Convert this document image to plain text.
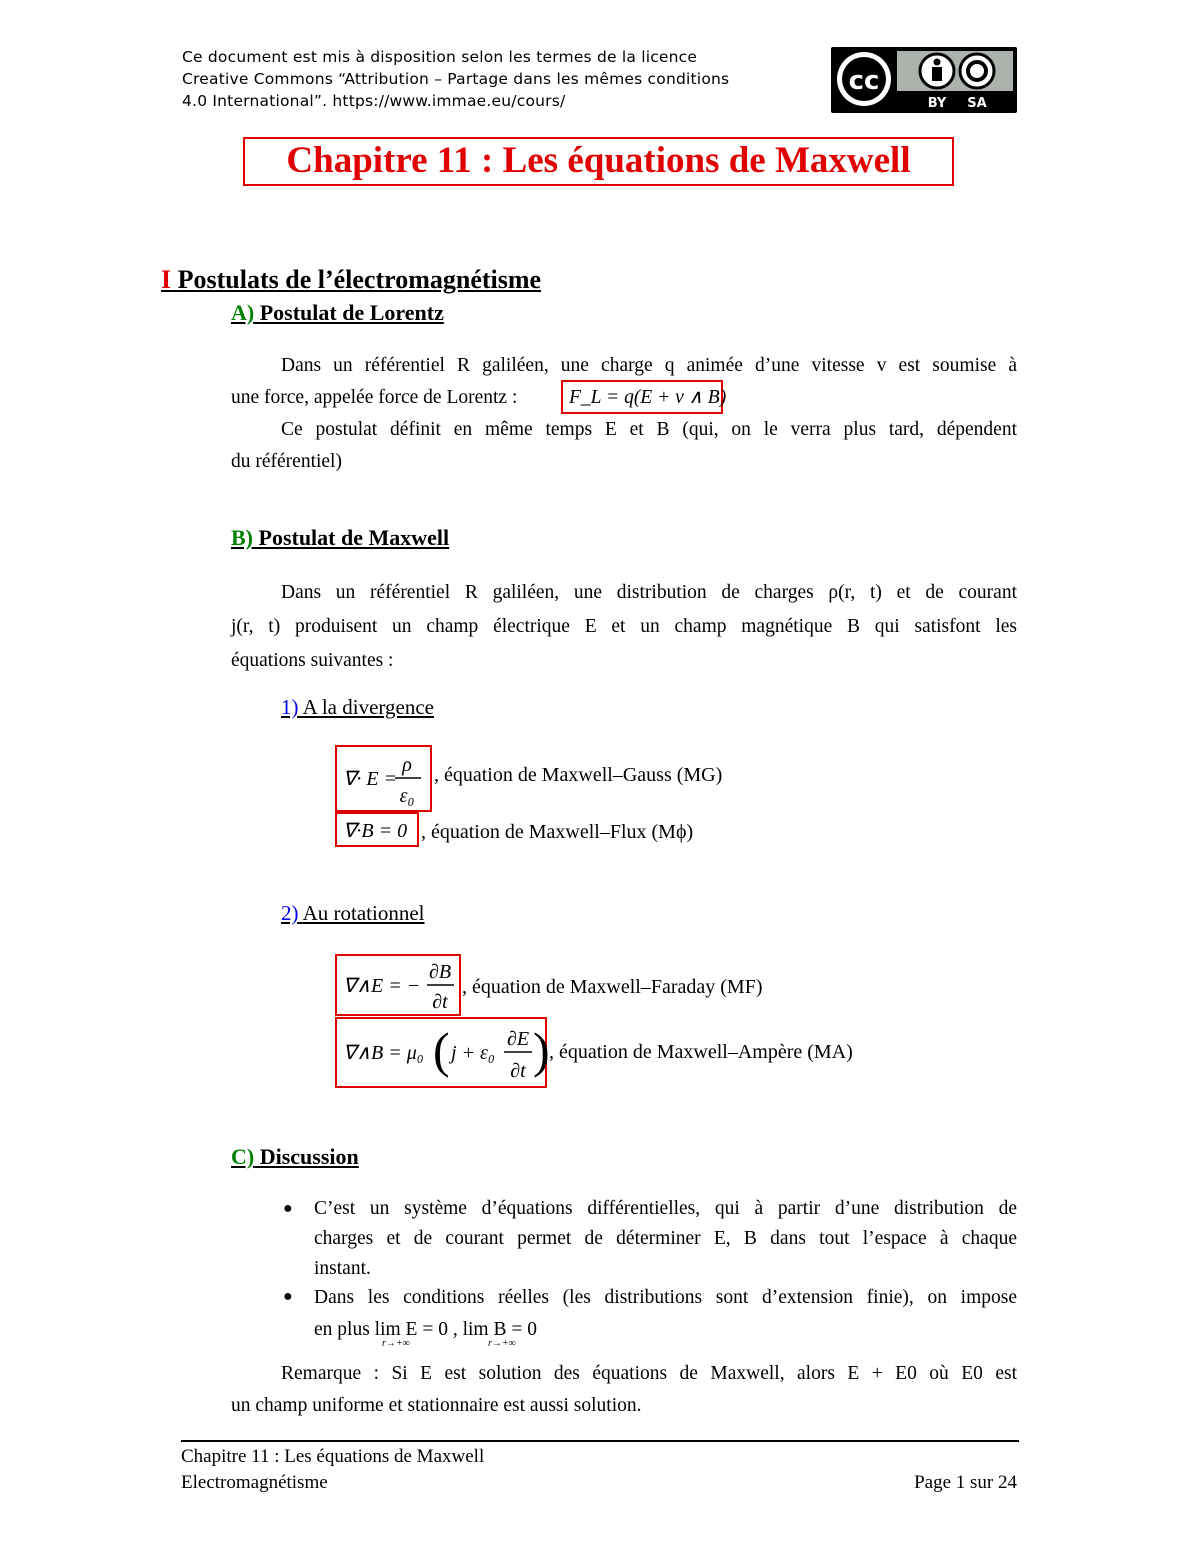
Ce document est mis à disposition selon les termes de la licence
Creative Commons “Attribution – Partage dans les mêmes conditions
4.0 International”. https://www.immae.eu/cours/
cc
BY SA
Chapitre 11 : Les équations de Maxwell
I Postulats de l’électromagnétisme
A) Postulat de Lorentz
Dans un référentiel R galiléen, une charge q animée d’une vitesse v est soumise à
une force, appelée force de Lorentz :
Ce postulat définit en même temps E et B (qui, on le verra plus tard, dépendent
du référentiel)
F_L = q(E + v ∧ B)
B) Postulat de Maxwell
Dans un référentiel R galiléen, une distribution de charges ρ(r, t) et de courant
j(r, t) produisent un champ électrique E et un champ magnétique B qui satisfont les
équations suivantes :
1) A la divergence
∇· E =
ρ
ε₀
, équation de Maxwell–Gauss (MG)
∇·B = 0 , équation de Maxwell–Flux (Mϕ)
2) Au rotationnel
∇∧E = −
∂B
∂t
, équation de Maxwell–Faraday (MF)
∇∧B = μ₀ ( j + ε₀
∂E
∂t ) , équation de Maxwell–Ampère (MA)
C) Discussion
● C’est un système d’équations différentielles, qui à partir d’une distribution de
charges et de courant permet de déterminer E, B dans tout l’espace à chaque
instant.
● Dans les conditions réelles (les distributions sont d’extension finie), on impose
en plus lim E = 0 , lim B = 0
r→+∞	r→+∞
Remarque : Si E est solution des équations de Maxwell, alors E + E0 où E0 est
un champ uniforme et stationnaire est aussi solution.
Chapitre 11 : Les équations de Maxwell
Electromagnétisme	Page 1 sur 24
